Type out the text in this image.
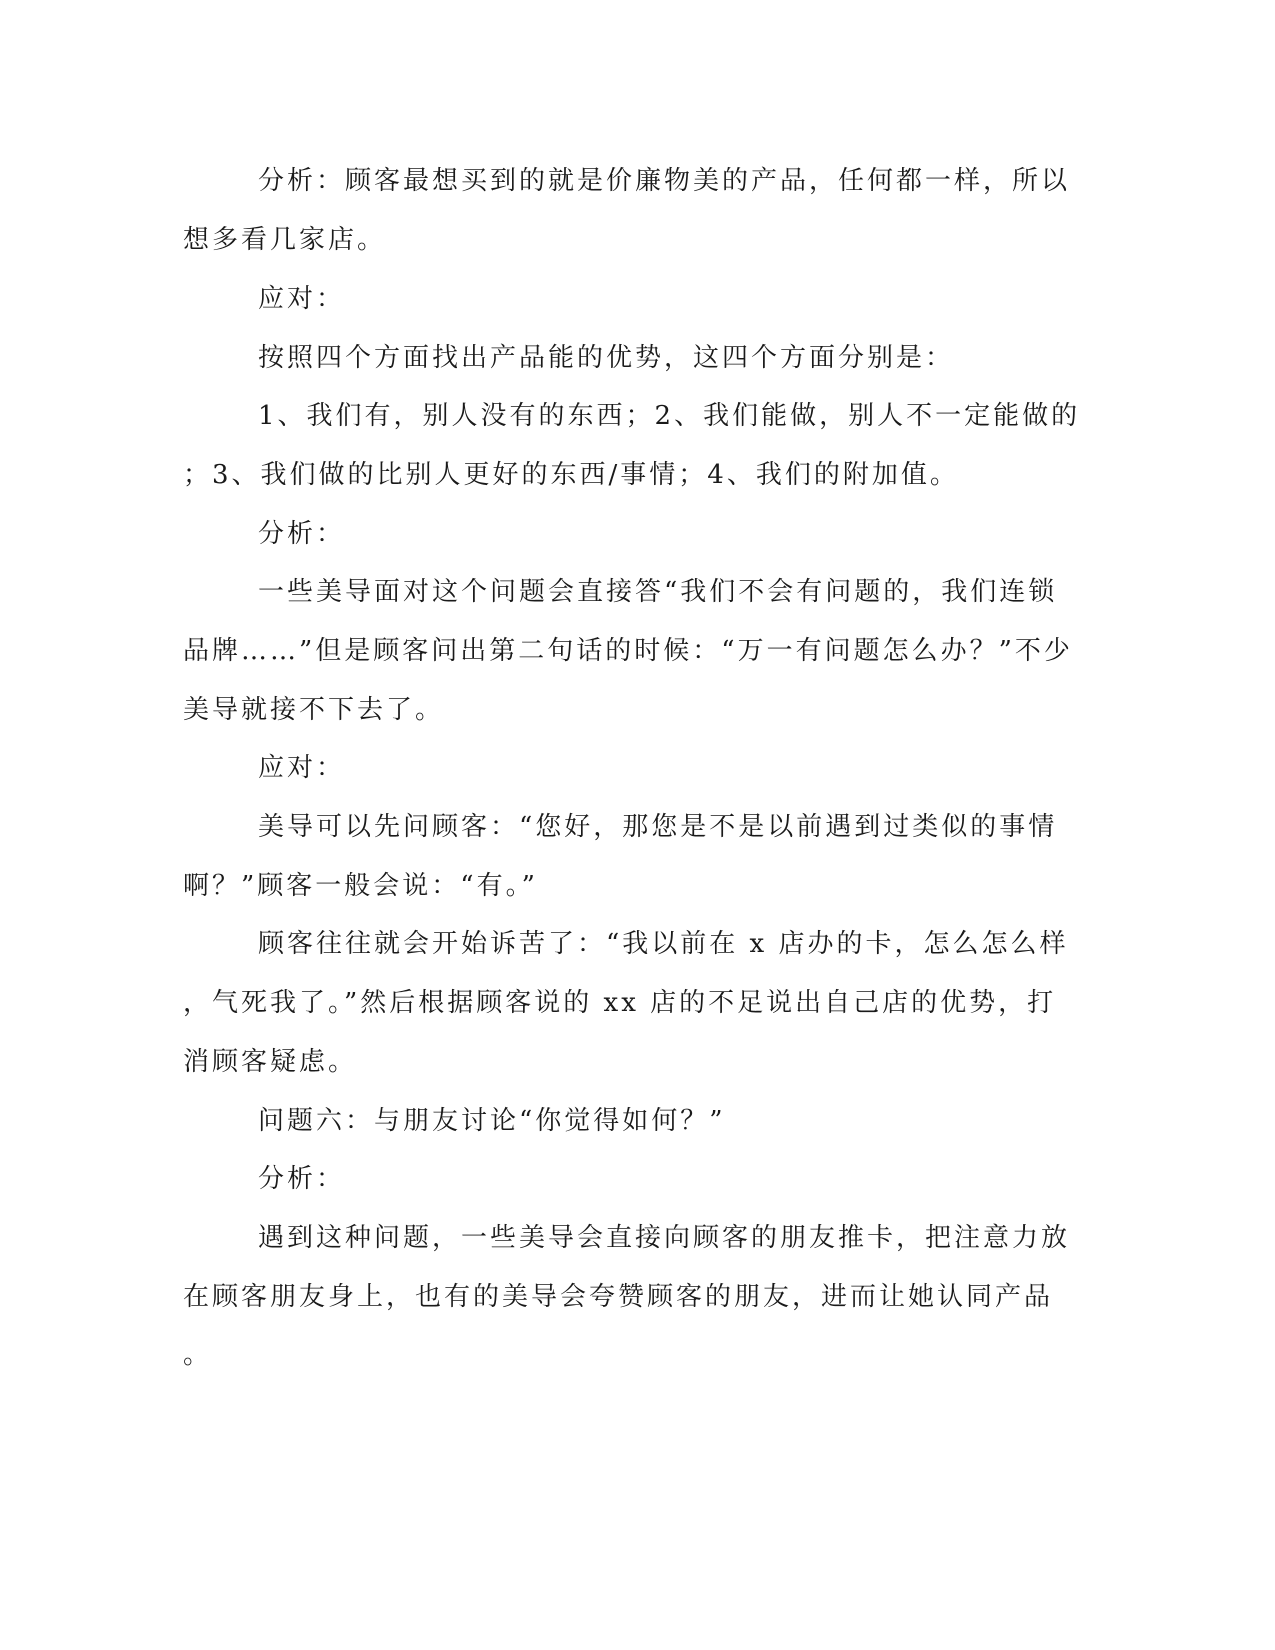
分析：顾客最想买到的就是价廉物美的产品，任何都一样，所以
想多看几家店。
应对：
按照四个方面找出产品能的优势，这四个方面分别是：
1、我们有，别人没有的东西；2、我们能做，别人不一定能做的
；3、我们做的比别人更好的东西/事情；4、我们的附加值。
分析：
一些美导面对这个问题会直接答“我们不会有问题的，我们连锁
品牌……”但是顾客问出第二句话的时候：“万一有问题怎么办？”不少
美导就接不下去了。
应对：
美导可以先问顾客：“您好，那您是不是以前遇到过类似的事情
啊？”顾客一般会说：“有。”
顾客往往就会开始诉苦了：“我以前在 x 店办的卡，怎么怎么样
，气死我了。”然后根据顾客说的 xx 店的不足说出自己店的优势，打
消顾客疑虑。
问题六：与朋友讨论“你觉得如何？”
分析：
遇到这种问题，一些美导会直接向顾客的朋友推卡，把注意力放
在顾客朋友身上，也有的美导会夸赞顾客的朋友，进而让她认同产品
。
